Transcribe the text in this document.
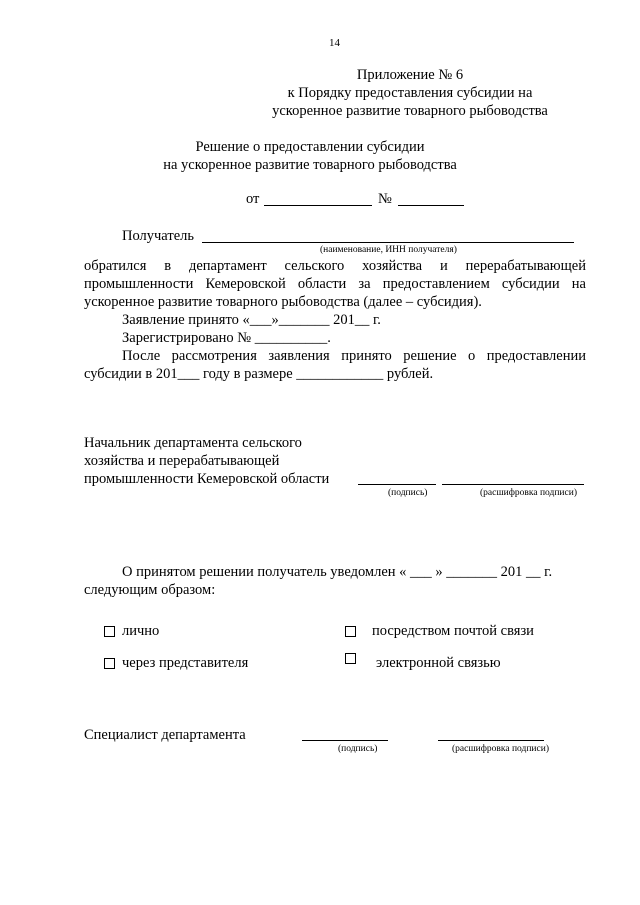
14
Приложение № 6
к Порядку предоставления субсидии на
ускоренное развитие товарного рыбоводства
Решение о предоставлении субсидии
на ускоренное развитие товарного рыбоводства
от	№
Получатель
(наименование, ИНН получателя)
обратился в департамент сельского хозяйства и перерабатывающей
промышленности Кемеровской области за предоставлением субсидии на
ускоренное развитие товарного рыбоводства (далее – субсидия).
Заявление принято «___»_______ 201__ г.
Зарегистрировано № __________.
После рассмотрения заявления принято решение о предоставлении
субсидии в 201___ году в размере ____________ рублей.
Начальник департамента сельского
хозяйства и перерабатывающей
промышленности Кемеровской области
(подпись)	(расшифровка подписи)
О принятом решении получатель уведомлен « ___ » _______ 201 __ г.
следующим образом:
лично	посредством почтой связи
через представителя	электронной связью
Специалист департамента
(подпись)	(расшифровка подписи)
